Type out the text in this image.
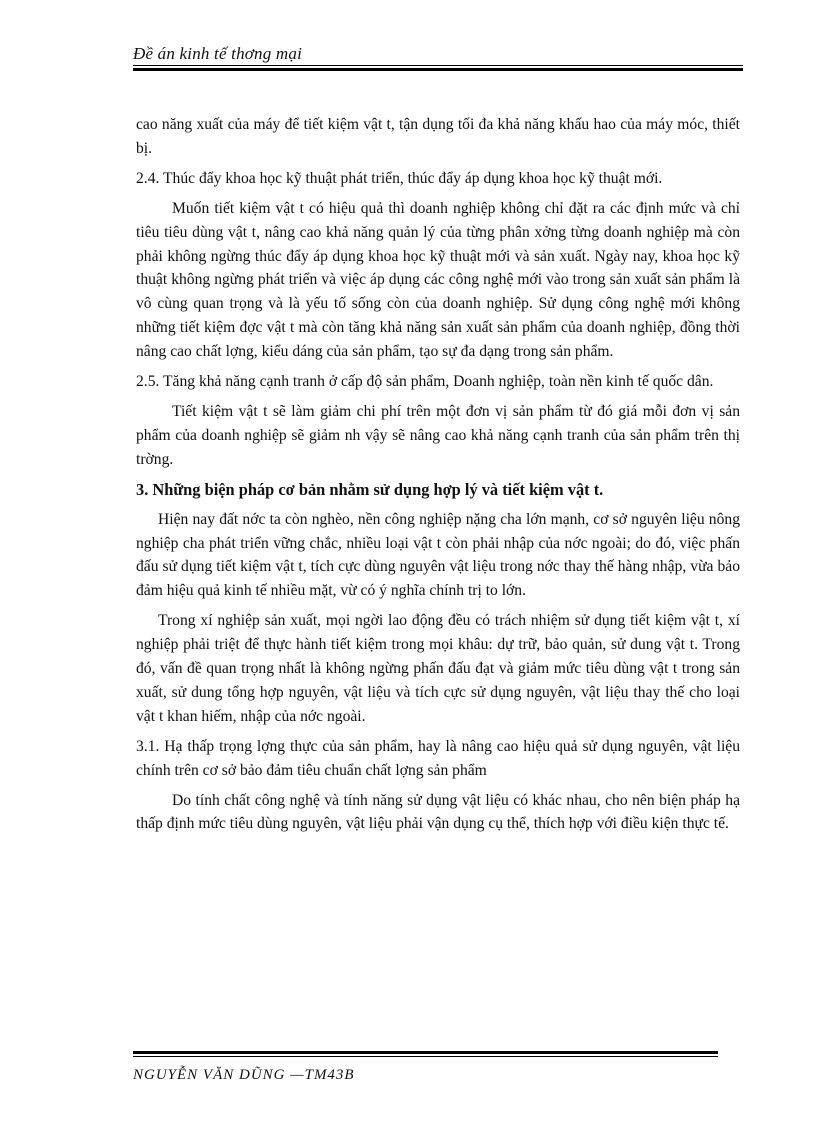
Đề án kinh tế thơng mại

cao năng xuất của máy để tiết kiệm vật t, tận dụng tối đa khả năng khấu hao của máy móc, thiết bị.

2.4. Thúc đẩy khoa học kỹ thuật phát triển, thúc đẩy áp dụng khoa học kỹ thuật mới.

Muốn tiết kiệm vật t có hiệu quả thì doanh nghiệp không chỉ đặt ra các định mức và chỉ tiêu tiêu dùng vật t, nâng cao khả năng quản lý của từng phân xởng từng doanh nghiệp mà còn phải không ngừng thúc đẩy áp dụng khoa học kỹ thuật mới và sản xuất. Ngày nay, khoa học kỹ thuật không ngừng phát triển và việc áp dụng các công nghệ mới vào trong sản xuất sản phẩm là vô cùng quan trọng và là yếu tố sống còn của doanh nghiệp. Sử dụng công nghệ mới không những tiết kiệm đợc vật t mà còn tăng khả năng sản xuất sản phẩm của doanh nghiệp, đồng thời nâng cao chất lợng, kiểu dáng của sản phẩm, tạo sự đa dạng trong sản phẩm.

2.5. Tăng khả năng cạnh tranh ở cấp độ sản phẩm, Doanh nghiệp, toàn nền kinh tế quốc dân.

Tiết kiệm vật t sẽ làm giảm chi phí trên một đơn vị sản phẩm từ đó giá mỗi đơn vị sản phẩm của doanh nghiệp sẽ giảm nh vậy sẽ nâng cao khả năng cạnh tranh của sản phẩm trên thị trờng.

3. Những biện pháp cơ bản nhằm sử dụng hợp lý và tiết kiệm vật t.

Hiện nay đất nớc ta còn nghèo, nền công nghiệp nặng cha lớn mạnh, cơ sở nguyên liệu nông nghiệp cha phát triển vững chắc, nhiều loại vật t còn phải nhập của nớc ngoài; do đó, việc phấn đấu sử dụng tiết kiệm vật t, tích cực dùng nguyên vật liệu trong nớc thay thế hàng nhập, vừa bảo đảm hiệu quả kinh tế nhiều mặt, vừ có ý nghĩa chính trị to lớn.

Trong xí nghiệp sản xuất, mọi ngời lao động đều có trách nhiệm sử dụng tiết kiệm vật t, xí nghiệp phải triệt để thực hành tiết kiệm trong mọi khâu: dự trữ, bảo quản, sử dung vật t. Trong đó, vấn đề quan trọng nhất là không ngừng phấn đấu đạt và giảm mức tiêu dùng vật t trong sản xuất, sử dung tổng hợp nguyên, vật liệu và tích cực sử dụng nguyên, vật liệu thay thế cho loại vật t khan hiếm, nhập của nớc ngoài.

3.1. Hạ thấp trọng lợng thực của sản phẩm, hay là nâng cao hiệu quả sử dụng nguyên, vật liệu chính trên cơ sở bảo đảm tiêu chuẩn chất lợng sản phẩm

Do tính chất công nghệ và tính năng sử dụng vật liệu có khác nhau, cho nên biện pháp hạ thấp định mức tiêu dùng nguyên, vật liệu phải vận dụng cụ thể, thích hợp với điều kiện thực tế.

NGUYỄN VĂN DŨNG —TM43B
